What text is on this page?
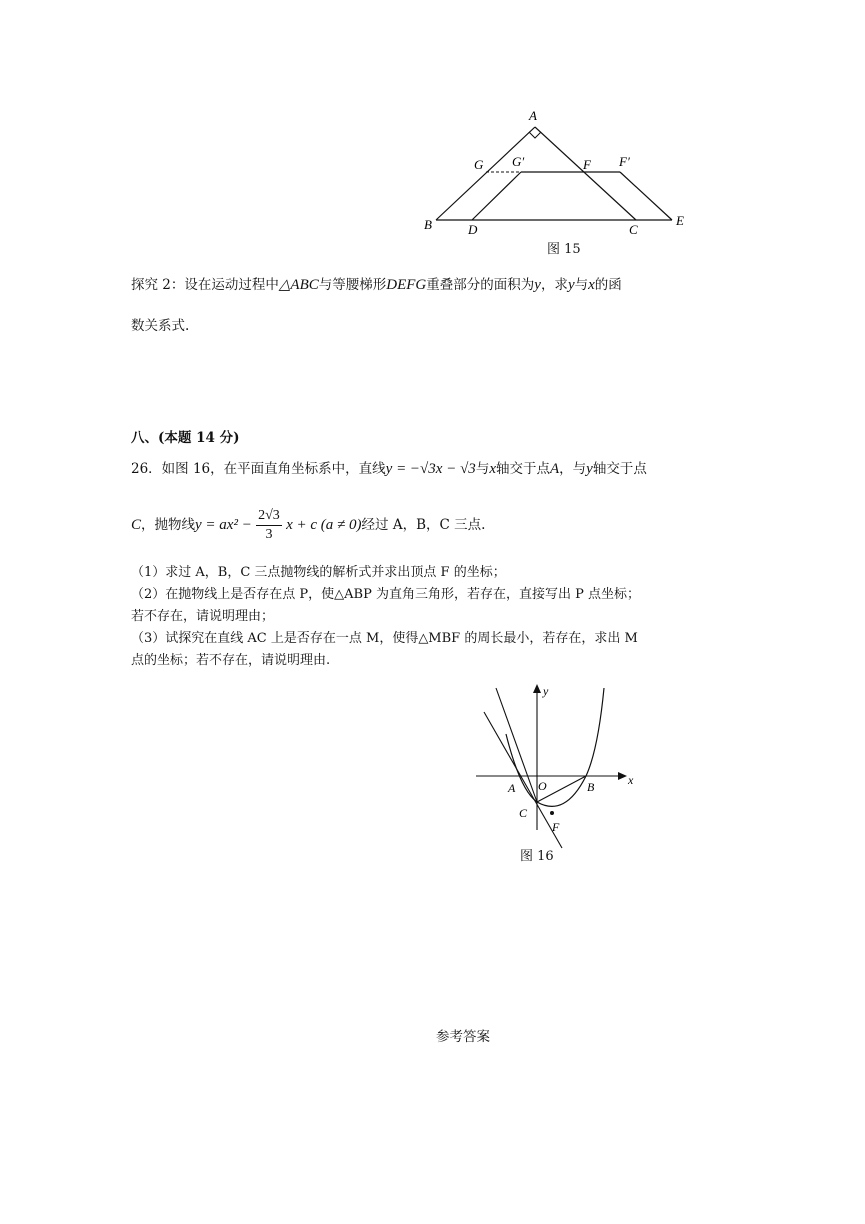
A
G G′	F F′
B	D	C
E
图 15
探究 2：设在运动过程中△ABC与等腰梯形DEFG重叠部分的面积为y，求y与x的函
数关系式.
八、(本题 14 分)
26．如图 16，在平面直角坐标系中，直线y = −√3x − √3与x轴交于点A，与y轴交于点
C，抛物线$y = ax^2 - \frac{2√3}{3}$ x + c (a ≠ 0)经过 A，B，C 三点.
（1）求过 A，B，C 三点抛物线的解析式并求出顶点 F 的坐标；
（2）在抛物线上是否存在点 P，使△ABP 为直角三角形，若存在，直接写出 P 点坐标；
若不存在，请说明理由；
（3）试探究在直线 AC 上是否存在一点 M，使得△MBF 的周长最小，若存在，求出 M
点的坐标；若不存在，请说明理由.
y
x
A O	B
C
F
图 16
参考答案
